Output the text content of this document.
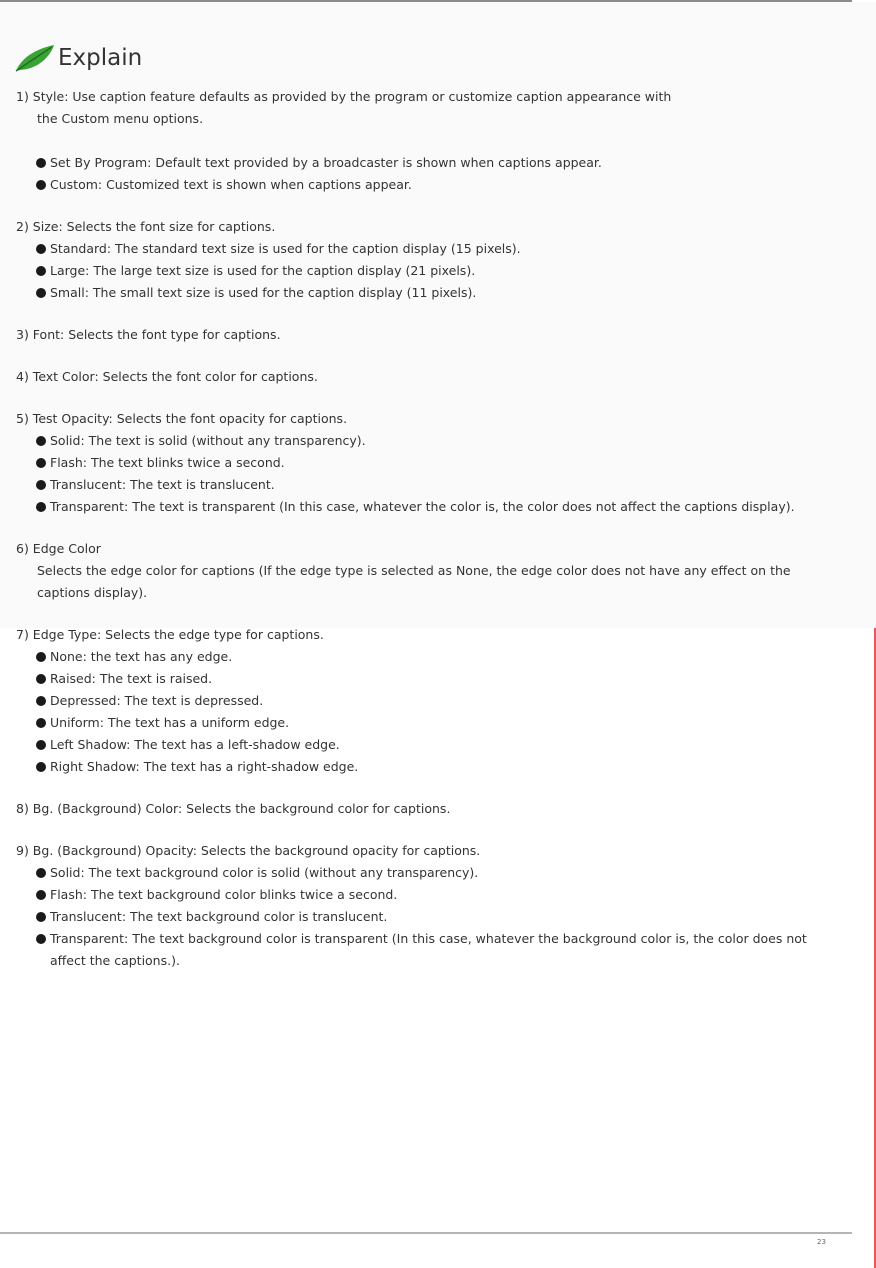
Explain

1) Style: Use caption feature defaults as provided by the program or customize caption appearance with

the Custom menu options.

Set By Program: Default text provided by a broadcaster is shown when captions appear.
Custom: Customized text is shown when captions appear.

2) Size: Selects the font size for captions.

Standard: The standard text size is used for the caption display (15 pixels).
Large: The large text size is used for the caption display (21 pixels).
Small: The small text size is used for the caption display (11 pixels).

3) Font: Selects the font type for captions.

4) Text Color: Selects the font color for captions.

5) Test Opacity: Selects the font opacity for captions.

Solid: The text is solid (without any transparency).
Flash: The text blinks twice a second.
Translucent: The text is translucent.
Transparent: The text is transparent (In this case, whatever the color is, the color does not affect the captions display).

6) Edge Color

Selects the edge color for captions (If the edge type is selected as None, the edge color does not have any effect on the captions display).

7) Edge Type: Selects the edge type for captions.

None: the text has any edge.
Raised: The text is raised.
Depressed: The text is depressed.
Uniform: The text has a uniform edge.
Left Shadow: The text has a left-shadow edge.
Right Shadow: The text has a right-shadow edge.

8) Bg. (Background) Color: Selects the background color for captions.

9) Bg. (Background) Opacity: Selects the background opacity for captions.

Solid: The text background color is solid (without any transparency).
Flash: The text background color blinks twice a second.
Translucent: The text background color is translucent.
Transparent: The text background color is transparent (In this case, whatever the background color is, the color does not affect the captions.).
23
